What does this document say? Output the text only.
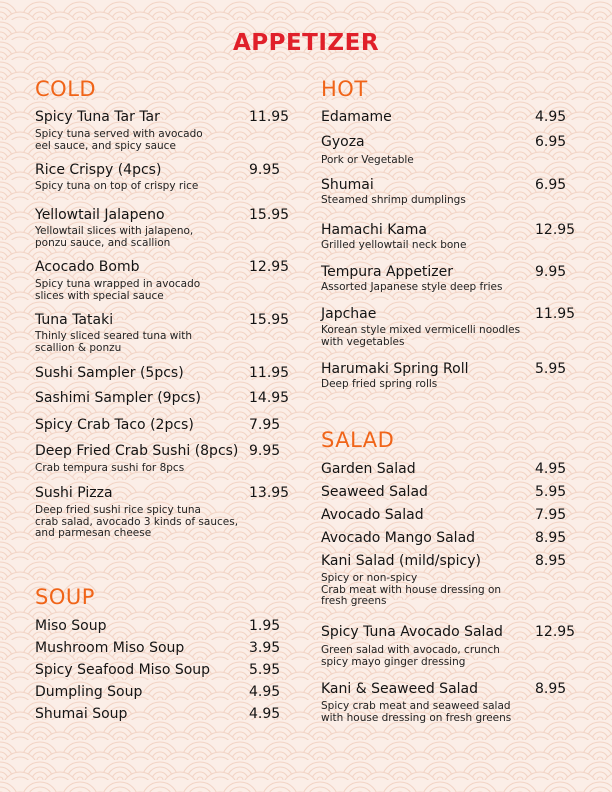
APPETIZER
COLD
Spicy Tuna Tar Tar	11.95
Spicy tuna served with avocado
eel sauce, and spicy sauce
Rice Crispy (4pcs)	9.95
Spicy tuna on top of crispy rice
Yellowtail Jalapeno	15.95
Yellowtail slices with jalapeno,
ponzu sauce, and scallion
Acocado Bomb	12.95
Spicy tuna wrapped in avocado
slices with special sauce
Tuna Tataki	15.95
Thinly sliced seared tuna with
scallion & ponzu
Sushi Sampler (5pcs)	11.95
Sashimi Sampler (9pcs)	14.95
Spicy Crab Taco (2pcs)	7.95
Deep Fried Crab Sushi (8pcs) 9.95
Crab tempura sushi for 8pcs
Sushi Pizza	13.95
Deep fried sushi rice spicy tuna
crab salad, avocado 3 kinds of sauces,
and parmesan cheese
SOUP
Miso Soup	1.95
Mushroom Miso Soup	3.95
Spicy Seafood Miso Soup	5.95
Dumpling Soup	4.95
Shumai Soup	4.95
HOT
Edamame	4.95
Gyoza	6.95
Pork or Vegetable
Shumai	6.95
Steamed shrimp dumplings
Hamachi Kama	12.95
Grilled yellowtail neck bone
Tempura Appetizer	9.95
Assorted Japanese style deep fries
Japchae	11.95
Korean style mixed vermicelli noodles
with vegetables
Harumaki Spring Roll	5.95
Deep fried spring rolls
SALAD
Garden Salad	4.95
Seaweed Salad	5.95
Avocado Salad	7.95
Avocado Mango Salad	8.95
Kani Salad (mild/spicy)	8.95
Spicy or non-spicy
Crab meat with house dressing on
fresh greens
Spicy Tuna Avocado Salad 12.95
Green salad with avocado, crunch
spicy mayo ginger dressing
Kani & Seaweed Salad	8.95
Spicy crab meat and seaweed salad
with house dressing on fresh greens
